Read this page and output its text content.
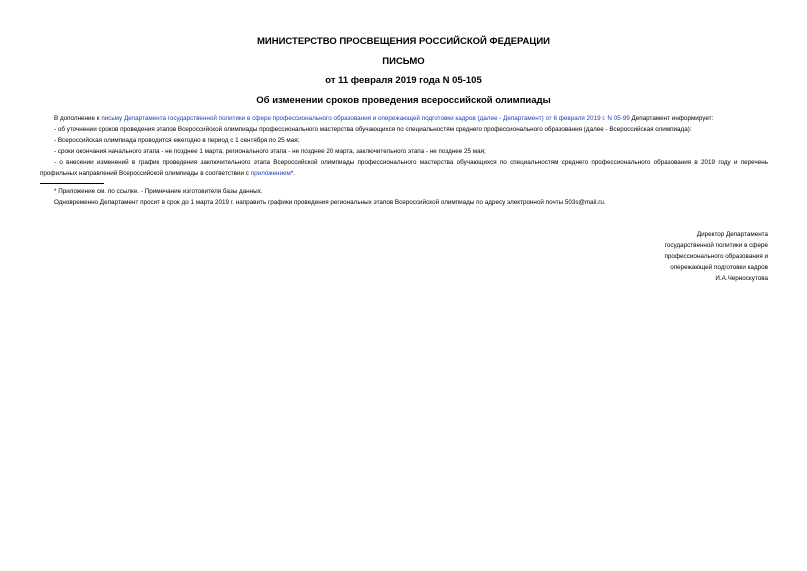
МИНИСТЕРСТВО ПРОСВЕЩЕНИЯ РОССИЙСКОЙ ФЕДЕРАЦИИ
ПИСЬМО
от 11 февраля 2019 года N 05-105
Об изменении сроков проведения всероссийской олимпиады

В дополнение к письму Департамента государственной политики в сфере профессионального образования и опережающей подготовки кадров (далее - Департамент) от 6 февраля 2019 г. N 05-99 Департамент информирует:

- об уточнении сроков проведения этапов Всероссийской олимпиады профессионального мастерства обучающихся по специальностям среднего профессионального образования (далее - Всероссийская олимпиада):

- Всероссийская олимпиада проводится ежегодно в период с 1 сентября по 25 мая;

- сроки окончания начального этапа - не позднее 1 марта, регионального этапа - не позднее 20 марта, заключительного этапа - не позднее 25 мая;

- о внесении изменений в график проведения заключительного этапа Всероссийской олимпиады профессионального мастерства обучающихся по специальностям среднего профессионального образования в 2019 году и перечень профильных направлений Всероссийской олимпиады в соответствии с приложением*.

* Приложение см. по ссылке. - Примечание изготовителя базы данных.

Одновременно Департамент просит в срок до 1 марта 2019 г. направить графики проведения региональных этапов Всероссийской олимпиады по адресу электронной почты 503s@mail.ru.

Директор Департамента
государственной политики в сфере
профессионального образования и
опережающей подготовки кадров
И.А.Черноскутова
